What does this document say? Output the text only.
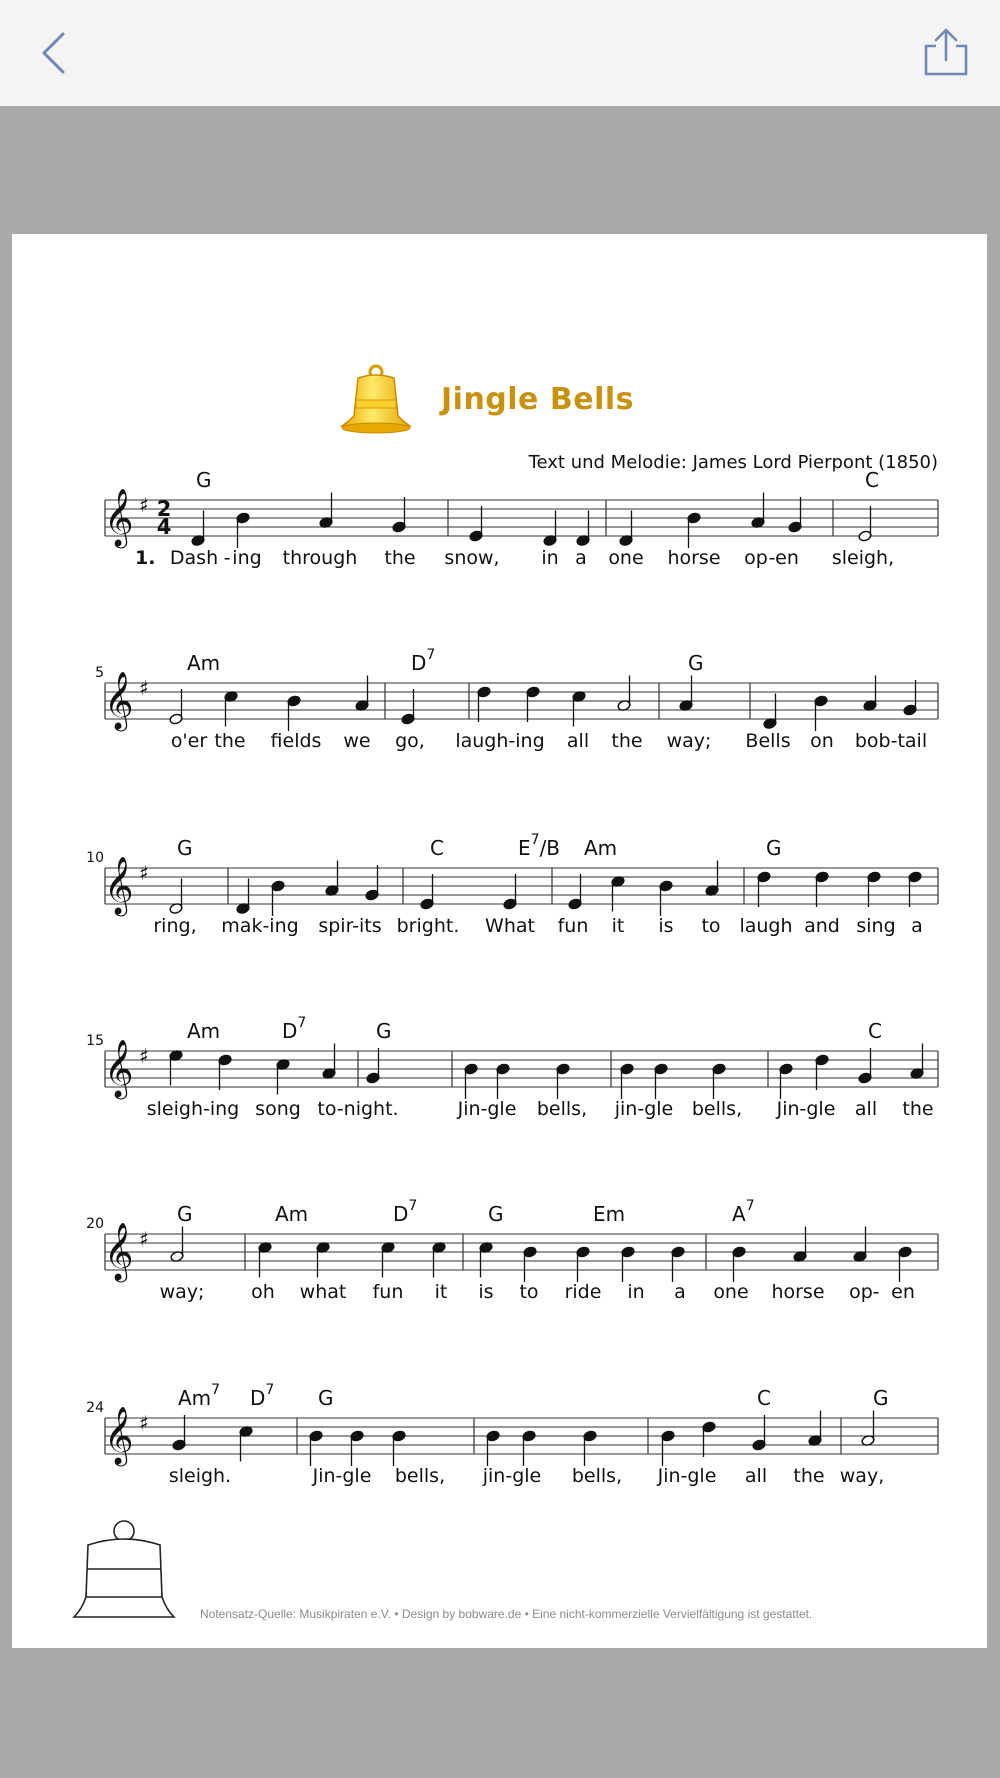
Jingle Bells
Text und Melodie: James Lord Pierpont (1850)
𝄞 ♯
𝄞 ♯
𝄞 ♯
𝄞 ♯
𝄞 ♯
𝄞 ♯
2
4
G	C
Am	$D^7$	G
G	C	$E^7/B$ Am	G
Am	$D^7$	G	C
G	Am	$D^7$	G	Em	$A^7$
Am$^7$ $D^7$ G	C	G
Dash - ing through the snow, in a one horse op - en sleigh,
o'er the fields we go, laugh-ing all the way; Bells on bob-tail
ring, mak-ing spir-its bright. What fun it is to laugh and sing a
sleigh-ing song to-night.	Jin-gle bells, jin-gle bells, Jin-gle all the
way; oh what fun it is to ride in a one horse op - en
sleigh.	Jin-gle bells, jin-gle bells, Jin-gle all the way,
1.
5
10
15
20
24
Notensatz-Quelle: Musikpiraten e.V. • Design by bobware.de • Eine nicht-kommerzielle Vervielfältigung ist gestattet.
